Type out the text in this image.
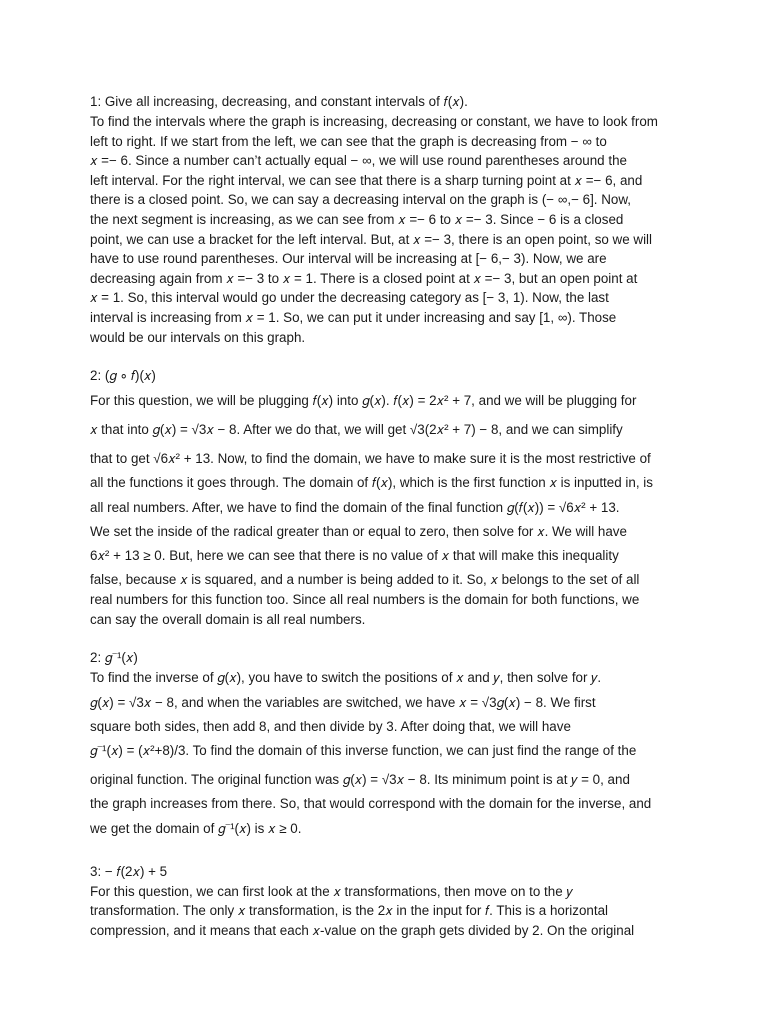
1: Give all increasing, decreasing, and constant intervals of 𝑓(𝑥).
To find the intervals where the graph is increasing, decreasing or constant, we have to look from
left to right. If we start from the left, we can see that the graph is decreasing from − ∞ to
𝑥 =− 6. Since a number can’t actually equal − ∞, we will use round parentheses around the
left interval. For the right interval, we can see that there is a sharp turning point at 𝑥 =− 6, and
there is a closed point. So, we can say a decreasing interval on the graph is (− ∞,− 6]. Now,
the next segment is increasing, as we can see from 𝑥 =− 6 to 𝑥 =− 3. Since − 6 is a closed
point, we can use a bracket for the left interval. But, at 𝑥 =− 3, there is an open point, so we will
have to use round parentheses. Our interval will be increasing at [− 6,− 3). Now, we are
decreasing again from 𝑥 =− 3 to 𝑥 = 1. There is a closed point at 𝑥 =− 3, but an open point at
𝑥 = 1. So, this interval would go under the decreasing category as [− 3, 1). Now, the last
interval is increasing from 𝑥 = 1. So, we can put it under increasing and say [1, ∞). Those
would be our intervals on this graph.
2: (𝑔 ∘ 𝑓)(𝑥)
For this question, we will be plugging 𝑓(𝑥) into 𝑔(𝑥). 𝑓(𝑥) = 2𝑥² + 7, and we will be plugging for
𝑥 that into 𝑔(𝑥) = √3𝑥 − 8. After we do that, we will get √3(2𝑥² + 7) − 8, and we can simplify
that to get √6𝑥² + 13. Now, to find the domain, we have to make sure it is the most restrictive of
all the functions it goes through. The domain of 𝑓(𝑥), which is the first function 𝑥 is inputted in, is
all real numbers. After, we have to find the domain of the final function 𝑔(𝑓(𝑥)) = √6𝑥² + 13.
We set the inside of the radical greater than or equal to zero, then solve for 𝑥. We will have
6𝑥² + 13 ≥ 0. But, here we can see that there is no value of 𝑥 that will make this inequality
false, because 𝑥 is squared, and a number is being added to it. So, 𝑥 belongs to the set of all
real numbers for this function too. Since all real numbers is the domain for both functions, we
can say the overall domain is all real numbers.
2: 𝑔⁻¹(𝑥)
To find the inverse of 𝑔(𝑥), you have to switch the positions of 𝑥 and 𝑦, then solve for 𝑦.
𝑔(𝑥) = √3𝑥 − 8, and when the variables are switched, we have 𝑥 = √3𝑔(𝑥) − 8. We first
square both sides, then add 8, and then divide by 3. After doing that, we will have
𝑔⁻¹(𝑥) = (𝑥²+8)/3. To find the domain of this inverse function, we can just find the range of the
original function. The original function was 𝑔(𝑥) = √3𝑥 − 8. Its minimum point is at 𝑦 = 0, and
the graph increases from there. So, that would correspond with the domain for the inverse, and
we get the domain of 𝑔⁻¹(𝑥) is 𝑥 ≥ 0.
3: − 𝑓(2𝑥) + 5
For this question, we can first look at the 𝑥 transformations, then move on to the 𝑦
transformation. The only 𝑥 transformation, is the 2𝑥 in the input for 𝑓. This is a horizontal
compression, and it means that each 𝑥-value on the graph gets divided by 2. On the original
